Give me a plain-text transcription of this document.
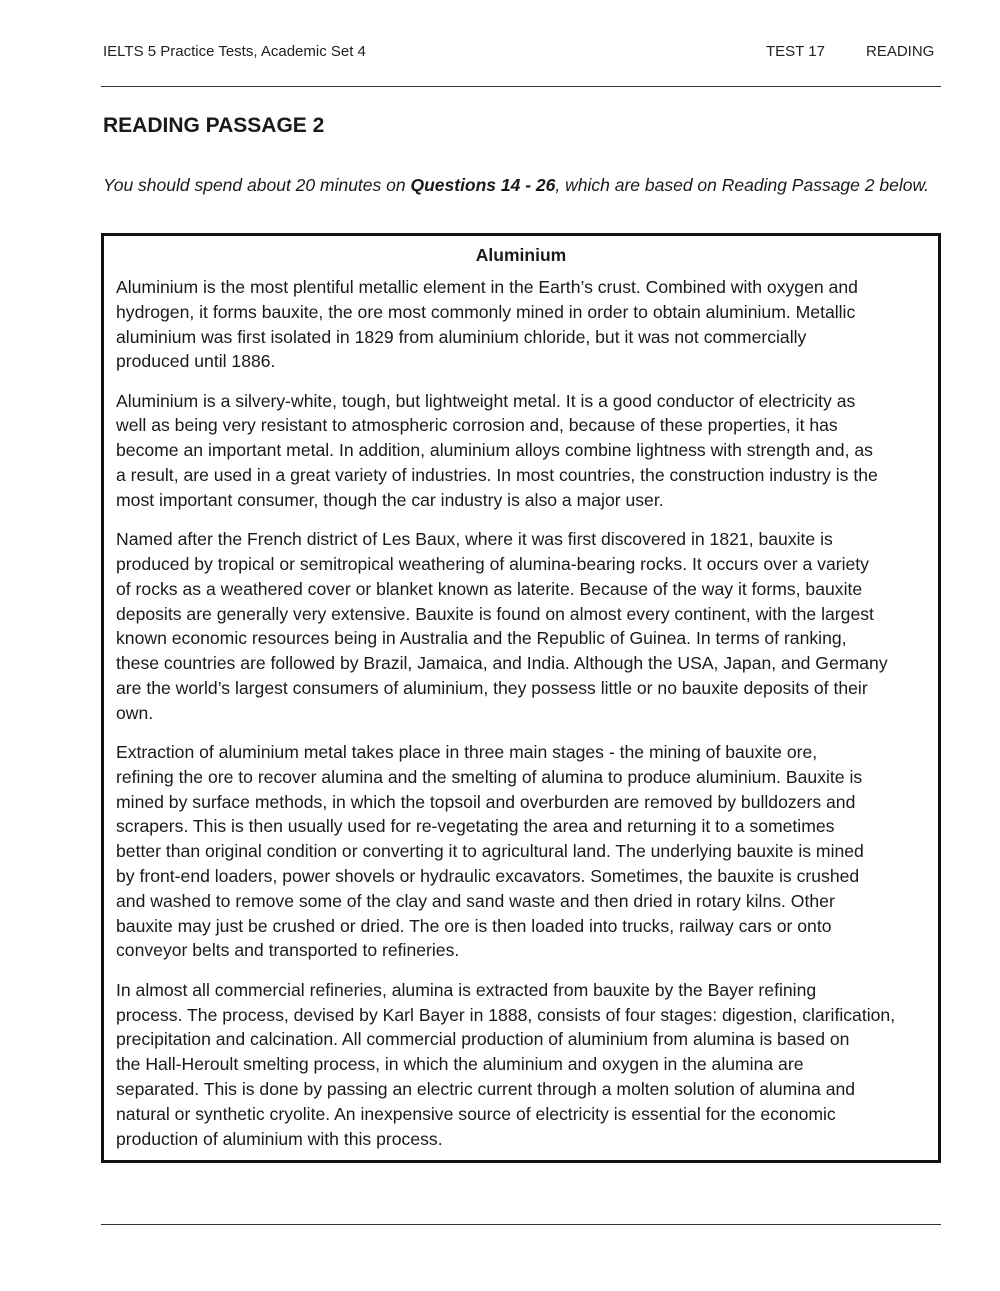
IELTS 5 Practice Tests, Academic Set 4	TEST 17	READING
READING PASSAGE 2
You should spend about 20 minutes on Questions 14 - 26, which are based on Reading Passage 2 below.
Aluminium

Aluminium is the most plentiful metallic element in the Earth’s crust. Combined with oxygen and
hydrogen, it forms bauxite, the ore most commonly mined in order to obtain aluminium. Metallic
aluminium was first isolated in 1829 from aluminium chloride, but it was not commercially
produced until 1886.

Aluminium is a silvery-white, tough, but lightweight metal. It is a good conductor of electricity as
well as being very resistant to atmospheric corrosion and, because of these properties, it has
become an important metal. In addition, aluminium alloys combine lightness with strength and, as
a result, are used in a great variety of industries. In most countries, the construction industry is the
most important consumer, though the car industry is also a major user.

Named after the French district of Les Baux, where it was first discovered in 1821, bauxite is
produced by tropical or semitropical weathering of alumina-bearing rocks. It occurs over a variety
of rocks as a weathered cover or blanket known as laterite. Because of the way it forms, bauxite
deposits are generally very extensive. Bauxite is found on almost every continent, with the largest
known economic resources being in Australia and the Republic of Guinea. In terms of ranking,
these countries are followed by Brazil, Jamaica, and India. Although the USA, Japan, and Germany
are the world’s largest consumers of aluminium, they possess little or no bauxite deposits of their
own.

Extraction of aluminium metal takes place in three main stages - the mining of bauxite ore,
refining the ore to recover alumina and the smelting of alumina to produce aluminium. Bauxite is
mined by surface methods, in which the topsoil and overburden are removed by bulldozers and
scrapers. This is then usually used for re-vegetating the area and returning it to a sometimes
better than original condition or converting it to agricultural land. The underlying bauxite is mined
by front-end loaders, power shovels or hydraulic excavators. Sometimes, the bauxite is crushed
and washed to remove some of the clay and sand waste and then dried in rotary kilns. Other
bauxite may just be crushed or dried. The ore is then loaded into trucks, railway cars or onto
conveyor belts and transported to refineries.

In almost all commercial refineries, alumina is extracted from bauxite by the Bayer refining
process. The process, devised by Karl Bayer in 1888, consists of four stages: digestion, clarification,
precipitation and calcination. All commercial production of aluminium from alumina is based on
the Hall-Heroult smelting process, in which the aluminium and oxygen in the alumina are
separated. This is done by passing an electric current through a molten solution of alumina and
natural or synthetic cryolite. An inexpensive source of electricity is essential for the economic
production of aluminium with this process.
